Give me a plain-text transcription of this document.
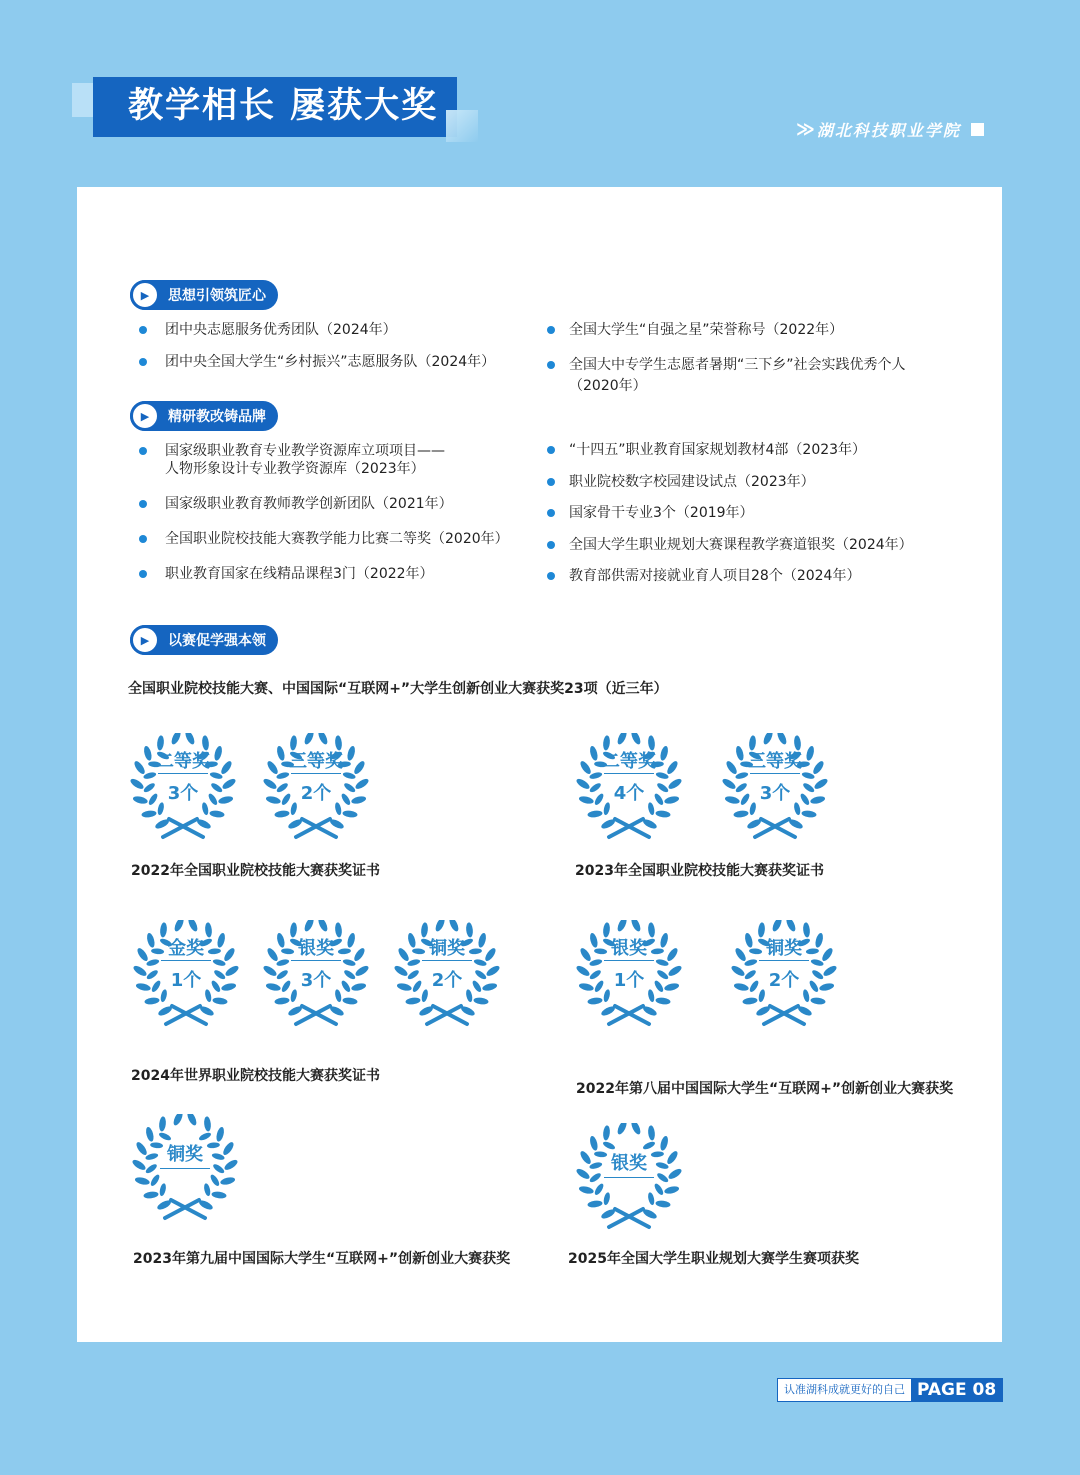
教学相长 屡获大奖
≫ 湖北科技职业学院
▶	思想引领筑匠心
团中央志愿服务优秀团队（2024年）
团中央全国大学生“乡村振兴”志愿服务队（2024年）
全国大学生“自强之星”荣誉称号（2022年）
全国大中专学生志愿者暑期“三下乡”社会实践优秀个人
（2020年）
▶	精研教改铸品牌
国家级职业教育专业教学资源库立项项目——
人物形象设计专业教学资源库（2023年）
国家级职业教育教师教学创新团队（2021年）
全国职业院校技能大赛教学能力比赛二等奖（2020年）
职业教育国家在线精品课程3门（2022年）
“十四五”职业教育国家规划教材4部（2023年）
职业院校数字校园建设试点（2023年）
国家骨干专业3个（2019年）
全国大学生职业规划大赛课程教学赛道银奖（2024年）
教育部供需对接就业育人项目28个（2024年）
▶	以赛促学强本领
全国职业院校技能大赛、中国国际“互联网+”大学生创新创业大赛获奖23项（近三年）
二等奖
3个
三等奖
2个
2022年全国职业院校技能大赛获奖证书
二等奖
4个
三等奖
3个
2023年全国职业院校技能大赛获奖证书
金奖
1个
银奖
3个
铜奖
2个
2024年世界职业院校技能大赛获奖证书
银奖
1个
铜奖
2个
2022年第八届中国国际大学生“互联网+”创新创业大赛获奖
铜奖
2023年第九届中国国际大学生“互联网+”创新创业大赛获奖
银奖
2025年全国大学生职业规划大赛学生赛项获奖
认准湖科成就更好的自己 PAGE 08
